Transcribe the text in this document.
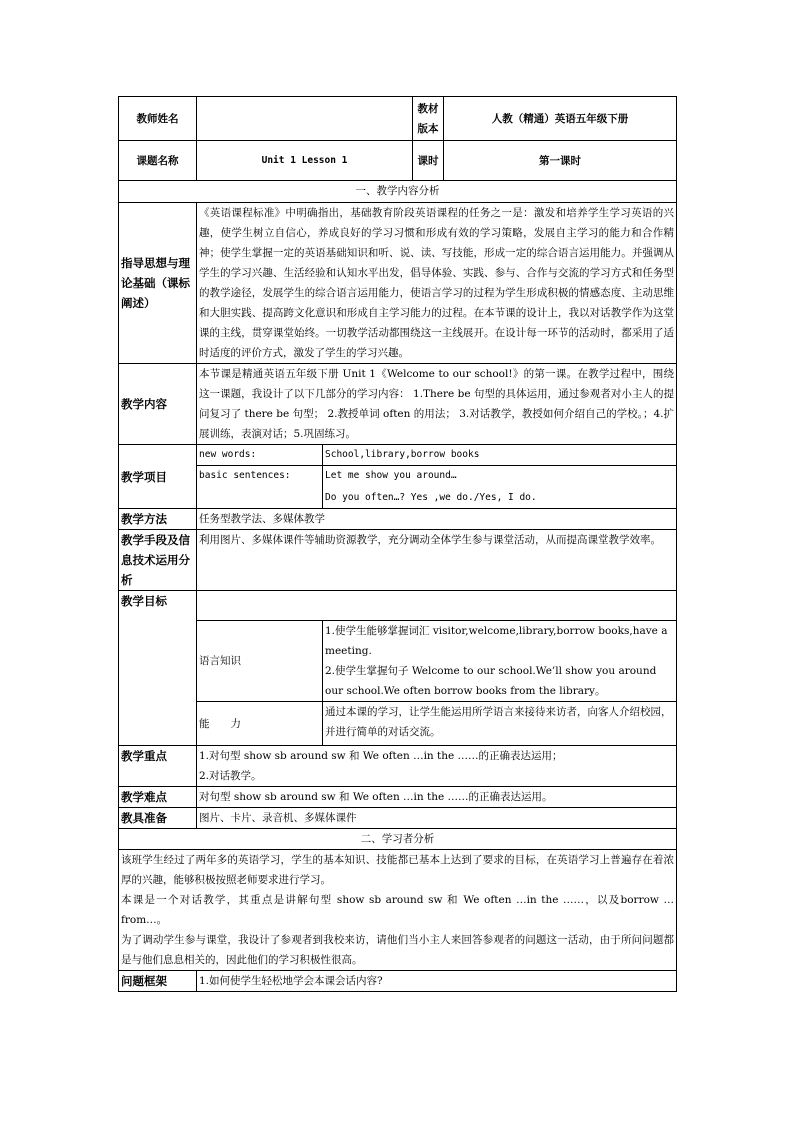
教师姓名			教材版本	人教（精通）英语五年级下册
课题名称	Unit 1 Lesson 1		课时	第一课时
一、教学内容分析				
指导思想与理论基础（课标阐述）	《英语课程标准》中明确指出，基础教育阶段英语课程的任务之一是：激发和培养学生学习英语的兴趣，使学生树立自信心，养成良好的学习习惯和形成有效的学习策略，发展自主学习的能力和合作精神；使学生掌握一定的英语基础知识和听、说、读、写技能，形成一定的综合语言运用能力。并强调从学生的学习兴趣、生活经验和认知水平出发，倡导体验、实践、参与、合作与交流的学习方式和任务型的教学途径，发展学生的综合语言运用能力，使语言学习的过程为学生形成积极的情感态度、主动思维和大胆实践、提高跨文化意识和形成自主学习能力的过程。在本节课的设计上，我以对话教学作为这堂课的主线，贯穿课堂始终。一切教学活动都围绕这一主线展开。在设计每一环节的活动时，都采用了适时适度的评价方式，激发了学生的学习兴趣。			
教学内容	本节课是精通英语五年级下册 Unit 1《Welcome to our school!》的第一课。在教学过程中，围绕这一课题，我设计了以下几部分的学习内容： 1.There be 句型的具体运用，通过参观者对小主人的提问复习了 there be 句型； 2.教授单词 often 的用法； 3.对话教学，教授如何介绍自己的学校。；4.扩展训练，表演对话；5.巩固练习。			
教学项目	new words:	School,library,borrow books		
	basic sentences:	Let me show you around…
Do you often…? Yes ,we do./Yes, I do.		

教学方法	任务型教学法、多媒体教学			
教学手段及信息技术运用分析	利用图片、多媒体课件等辅助资源教学，充分调动全体学生参与课堂活动，从而提高课堂教学效率。			
教学目标				
	语言知识	1.使学生能够掌握词汇 visitor,welcome,library,borrow books,have a meeting.
2.使学生掌握句子 Welcome to our school.We’ll show you around our school.We often borrow books from the library。		

	能　　力	通过本课的学习，让学生能运用所学语言来接待来访者，向客人介绍校园，并进行简单的对话交流。		
教学重点	1.对句型 show sb around sw 和 We often …in the ……的正确表达运用；
2.对话教学。			

教学难点	对句型 show sb around sw 和 We often …in the ……的正确表达运用。			
教具准备	图片、卡片、录音机、多媒体课件			
二、学习者分析				

该班学生经过了两年多的英语学习，学生的基本知识、技能都已基本上达到了要求的目标，在英语学习上普遍存在着浓厚的兴趣，能够积极按照老师要求进行学习。
本课是一个对话教学，其重点是讲解句型 show sb around sw 和 We often …in the ……，以及borrow …from…。
为了调动学生参与课堂，我设计了参观者到我校来访，请他们当小主人来回答参观者的问题这一活动，由于所问问题都是与他们息息相关的，因此他们的学习积极性很高。				

问题框架	1.如何使学生轻松地学会本课会话内容?			
